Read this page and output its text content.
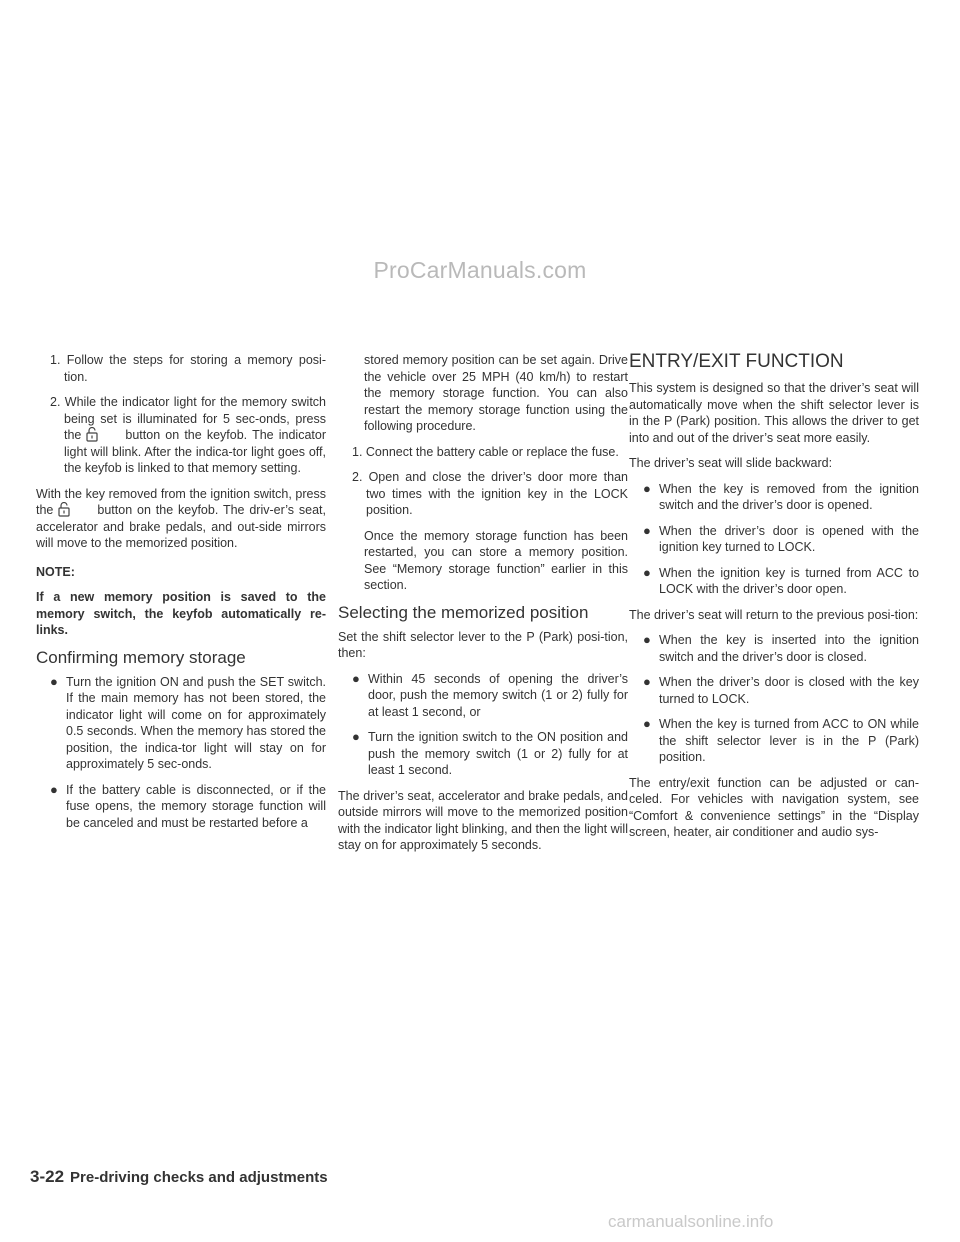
ProCarManuals.com

1. Follow the steps for storing a memory posi-tion.

2. While the indicator light for the memory switch being set is illuminated for 5 sec-onds, press the	button on the keyfob. The indicator light will blink. After the indica-tor light goes off, the keyfob is linked to that memory setting.

With the key removed from the ignition switch, press the	button on the keyfob. The driv-er’s seat, accelerator and brake pedals, and out-side mirrors will move to the memorized position.

NOTE:

If a new memory position is saved to the memory switch, the keyfob automatically re-links.

Confirming memory storage
● Turn the ignition ON and push the SET switch. If the main memory has not been stored, the indicator light will come on for approximately 0.5 seconds. When the memory has stored the position, the indica-tor light will stay on for approximately 5 sec-onds.
● If the battery cable is disconnected, or if the fuse opens, the memory storage function will be canceled and must be restarted before a

stored memory position can be set again. Drive the vehicle over 25 MPH (40 km/h) to restart the memory storage function. You can also restart the memory storage function using the following procedure.

1. Connect the battery cable or replace the fuse.

2. Open and close the driver’s door more than two times with the ignition key in the LOCK position.

Once the memory storage function has been restarted, you can store a memory position. See “Memory storage function” earlier in this section.

Selecting the memorized position

Set the shift selector lever to the P (Park) posi-tion, then:

● Within 45 seconds of opening the driver’s door, push the memory switch (1 or 2) fully for at least 1 second, or
● Turn the ignition switch to the ON position and push the memory switch (1 or 2) fully for at least 1 second.

The driver’s seat, accelerator and brake pedals, and outside mirrors will move to the memorized position with the indicator light blinking, and then the light will stay on for approximately 5 seconds.

ENTRY/EXIT FUNCTION

This system is designed so that the driver’s seat will automatically move when the shift selector lever is in the P (Park) position. This allows the driver to get into and out of the driver’s seat more easily.

The driver’s seat will slide backward:

● When the key is removed from the ignition switch and the driver’s door is opened.
● When the driver’s door is opened with the ignition key turned to LOCK.
● When the ignition key is turned from ACC to LOCK with the driver’s door open.

The driver’s seat will return to the previous posi-tion:

● When the key is inserted into the ignition switch and the driver’s door is closed.
● When the driver’s door is closed with the key turned to LOCK.
● When the key is turned from ACC to ON while the shift selector lever is in the P (Park) position.

The entry/exit function can be adjusted or can-celed. For vehicles with navigation system, see “Comfort & convenience settings” in the “Display screen, heater, air conditioner and audio sys-

3-22 Pre-driving checks and adjustments
carmanualsonline.info
